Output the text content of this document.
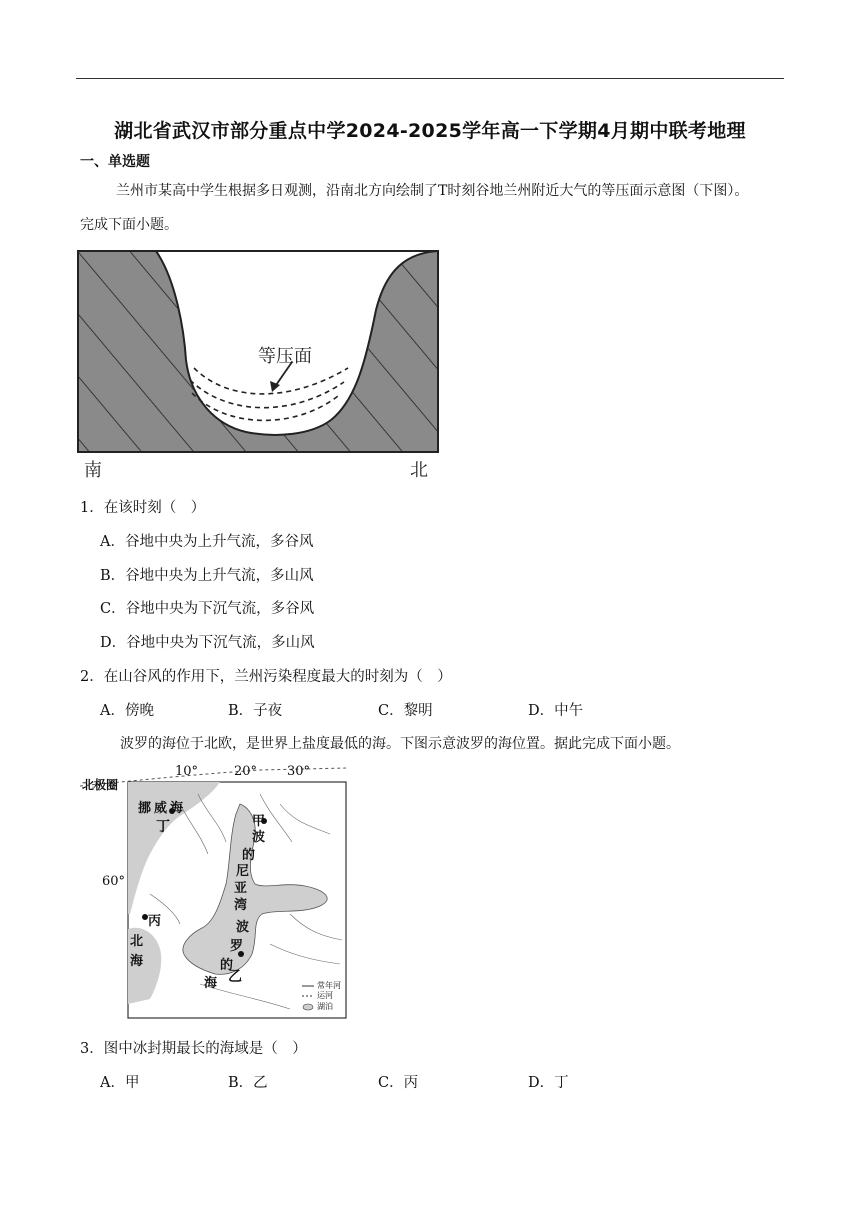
湖北省武汉市部分重点中学2024-2025学年高一下学期4月期中联考地理
一、单选题
兰州市某高中学生根据多日观测，沿南北方向绘制了T时刻谷地兰州附近大气的等压面示意图（下图）。
完成下面小题。
等压面
南	北
1．在该时刻（　）
A．谷地中央为上升气流，多谷风
B．谷地中央为上升气流，多山风
C．谷地中央为下沉气流，多谷风
D．谷地中央为下沉气流，多山风
2．在山谷风的作用下，兰州污染程度最大的时刻为（　）
A．傍晚	B．子夜	C．黎明	D．中午
波罗的海位于北欧，是世界上盐度最低的海。下图示意波罗的海位置。据此完成下面小题。
北极圈
10°	20° 30°
60°
挪 威 海
丁	甲
波
的
尼
亚
湾
波
罗
的
海 乙
丙
北
海
常年河
运河
湖泊
3．图中冰封期最长的海域是（　）
A．甲	B．乙	C．丙	D．丁
